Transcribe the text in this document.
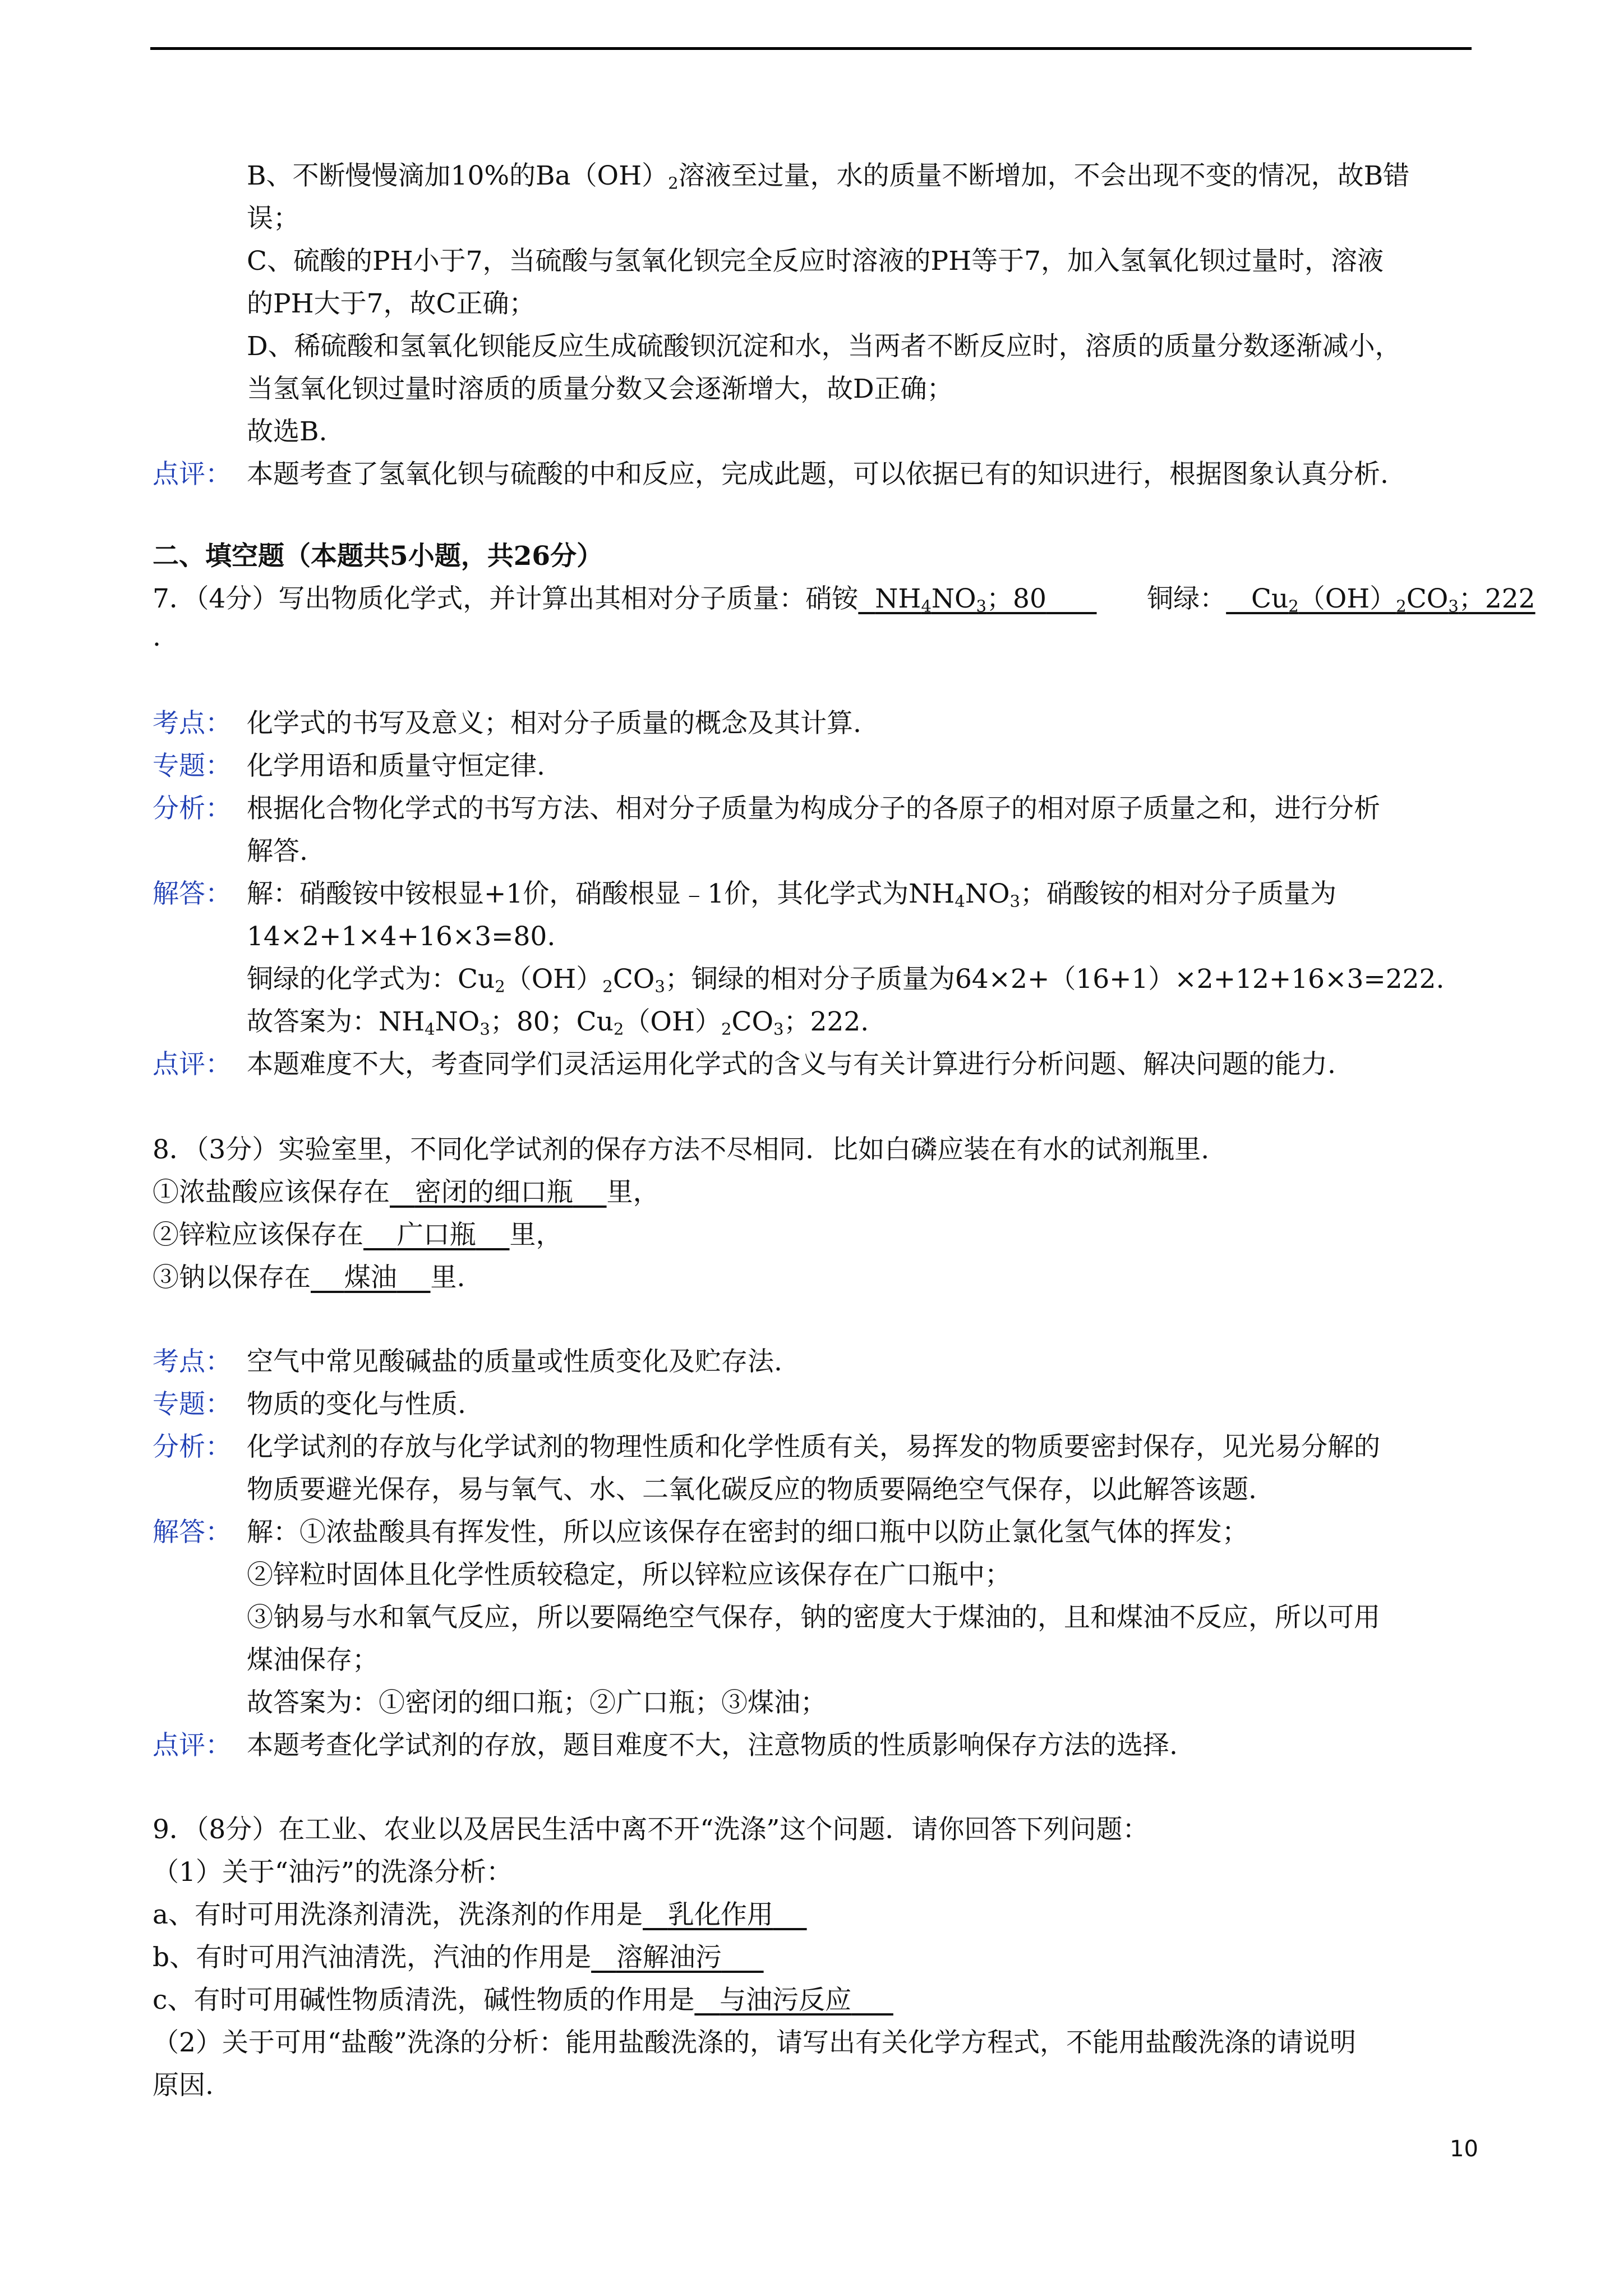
B、不断慢慢滴加10%的$Ba(OH)_2$溶液至过量，水的质量不断增加，不会出现不变的情况，故B错
误；
C、硫酸的PH小于7，当硫酸与氢氧化钡完全反应时溶液的PH等于7，加入氢氧化钡过量时，溶液
的PH大于7，故C正确；
D、稀硫酸和氢氧化钡能反应生成硫酸钡沉淀和水，当两者不断反应时，溶质的质量分数逐渐减小，
当氢氧化钡过量时溶质的质量分数又会逐渐增大，故D正确；
故选B.
点评： 本题考查了氢氧化钡与硫酸的中和反应，完成此题，可以依据已有的知识进行，根据图象认真分析.
二、填空题（本题共5小题，共26分）
7．（4分）写出物质化学式，并计算出其相对分子质量：硝铵 $NH_4NO_3$；80	铜绿： $Cu_2(OH)_2CO_3$；222
.
考点： 化学式的书写及意义；相对分子质量的概念及其计算.
专题： 化学用语和质量守恒定律.
分析： 根据化合物化学式的书写方法、相对分子质量为构成分子的各原子的相对原子质量之和，进行分析
解答.
解答： 解：硝酸铵中铵根显+1价，硝酸根显﹣1价，其化学式为$NH_4NO_3$；硝酸铵的相对分子质量为
14×2+1×4+16×3=80.
铜绿的化学式为：$Cu_2(OH)_2CO_3$；铜绿的相对分子质量为64×2+（16+1）×2+12+16×3=222.
故答案为：$NH_4NO_3$；80；$Cu_2(OH)_2CO_3$；222.
点评： 本题难度不大，考查同学们灵活运用化学式的含义与有关计算进行分析问题、解决问题的能力.
8．（3分）实验室里，不同化学试剂的保存方法不尽相同．比如白磷应装在有水的试剂瓶里.
①浓盐酸应该保存在 密闭的细口瓶 里，
②锌粒应该保存在 广口瓶 里，
③钠以保存在 煤油 里.
考点： 空气中常见酸碱盐的质量或性质变化及贮存法.
专题： 物质的变化与性质.
分析： 化学试剂的存放与化学试剂的物理性质和化学性质有关，易挥发的物质要密封保存，见光易分解的
物质要避光保存，易与氧气、水、二氧化碳反应的物质要隔绝空气保存，以此解答该题.
解答： 解：①浓盐酸具有挥发性，所以应该保存在密封的细口瓶中以防止氯化氢气体的挥发；
②锌粒时固体且化学性质较稳定，所以锌粒应该保存在广口瓶中；
③钠易与水和氧气反应，所以要隔绝空气保存，钠的密度大于煤油的，且和煤油不反应，所以可用
煤油保存；
故答案为：①密闭的细口瓶；②广口瓶；③煤油；
点评： 本题考查化学试剂的存放，题目难度不大，注意物质的性质影响保存方法的选择.
9．（8分）在工业、农业以及居民生活中离不开“洗涤”这个问题．请你回答下列问题：
（1）关于“油污”的洗涤分析：
a、有时可用洗涤剂清洗，洗涤剂的作用是 乳化作用
b、有时可用汽油清洗，汽油的作用是 溶解油污
c、有时可用碱性物质清洗，碱性物质的作用是 与油污反应
（2）关于可用“盐酸”洗涤的分析：能用盐酸洗涤的，请写出有关化学方程式，不能用盐酸洗涤的请说明
原因.
10
